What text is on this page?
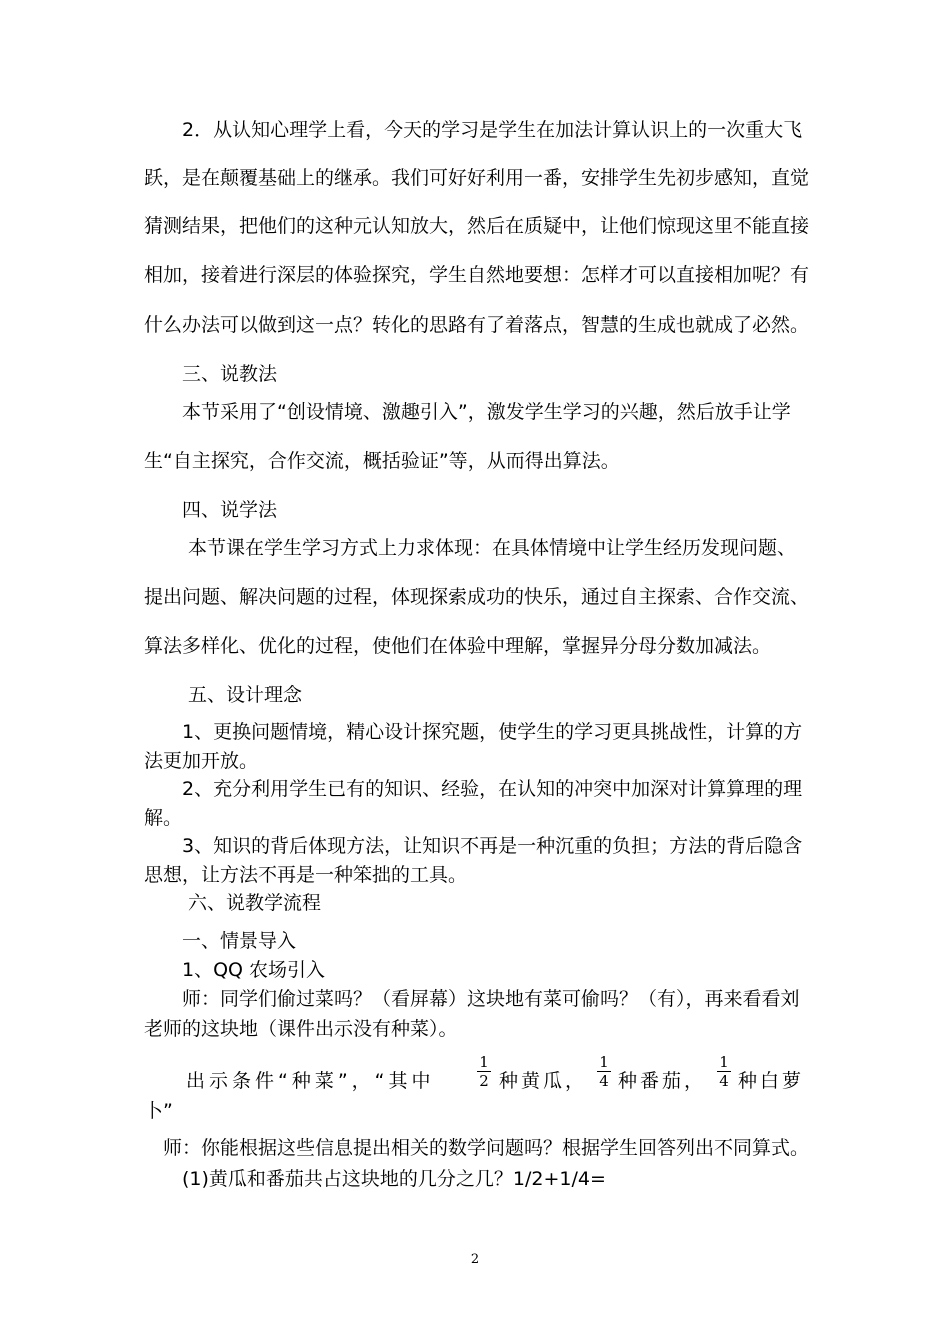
　　2．从认知心理学上看，今天的学习是学生在加法计算认识上的一次重大飞
跃，是在颠覆基础上的继承。我们可好好利用一番，安排学生先初步感知，直觉
猜测结果，把他们的这种元认知放大，然后在质疑中，让他们惊现这里不能直接
相加，接着进行深层的体验探究，学生自然地要想：怎样才可以直接相加呢？有
什么办法可以做到这一点？转化的思路有了着落点，智慧的生成也就成了必然。
　　三、说教法
　　本节采用了“创设情境、激趣引入”，激发学生学习的兴趣，然后放手让学
生“自主探究，合作交流，概括验证”等，从而得出算法。
　　四、说学法
　　 本节课在学生学习方式上力求体现：在具体情境中让学生经历发现问题、
提出问题、解决问题的过程，体现探索成功的快乐，通过自主探索、合作交流、
算法多样化、优化的过程，使他们在体验中理解，掌握异分母分数加减法。
　　 五、设计理念
　　1、更换问题情境，精心设计探究题，使学生的学习更具挑战性，计算的方
法更加开放。
　　2、充分利用学生已有的知识、经验，在认知的冲突中加深对计算算理的理
解。
　　3、知识的背后体现方法，让知识不再是一种沉重的负担；方法的背后隐含
思想，让方法不再是一种笨拙的工具。
　　 六、说教学流程
　　一、情景导入
　　1、QQ 农场引入
　　师：同学们偷过菜吗？（看屏幕）这块地有菜可偷吗？（有），再来看看刘
老师的这块地（课件出示没有种菜）。
出示条件“种菜”，“其中	$\frac{1}{2}$ 种黄瓜， $\frac{1}{4}$ 种番茄， $\frac{1}{4}$ 种白萝
卜”
　师：你能根据这些信息提出相关的数学问题吗？根据学生回答列出不同算式。
　　(1)黄瓜和番茄共占这块地的几分之几？1/2+1/4=
2
